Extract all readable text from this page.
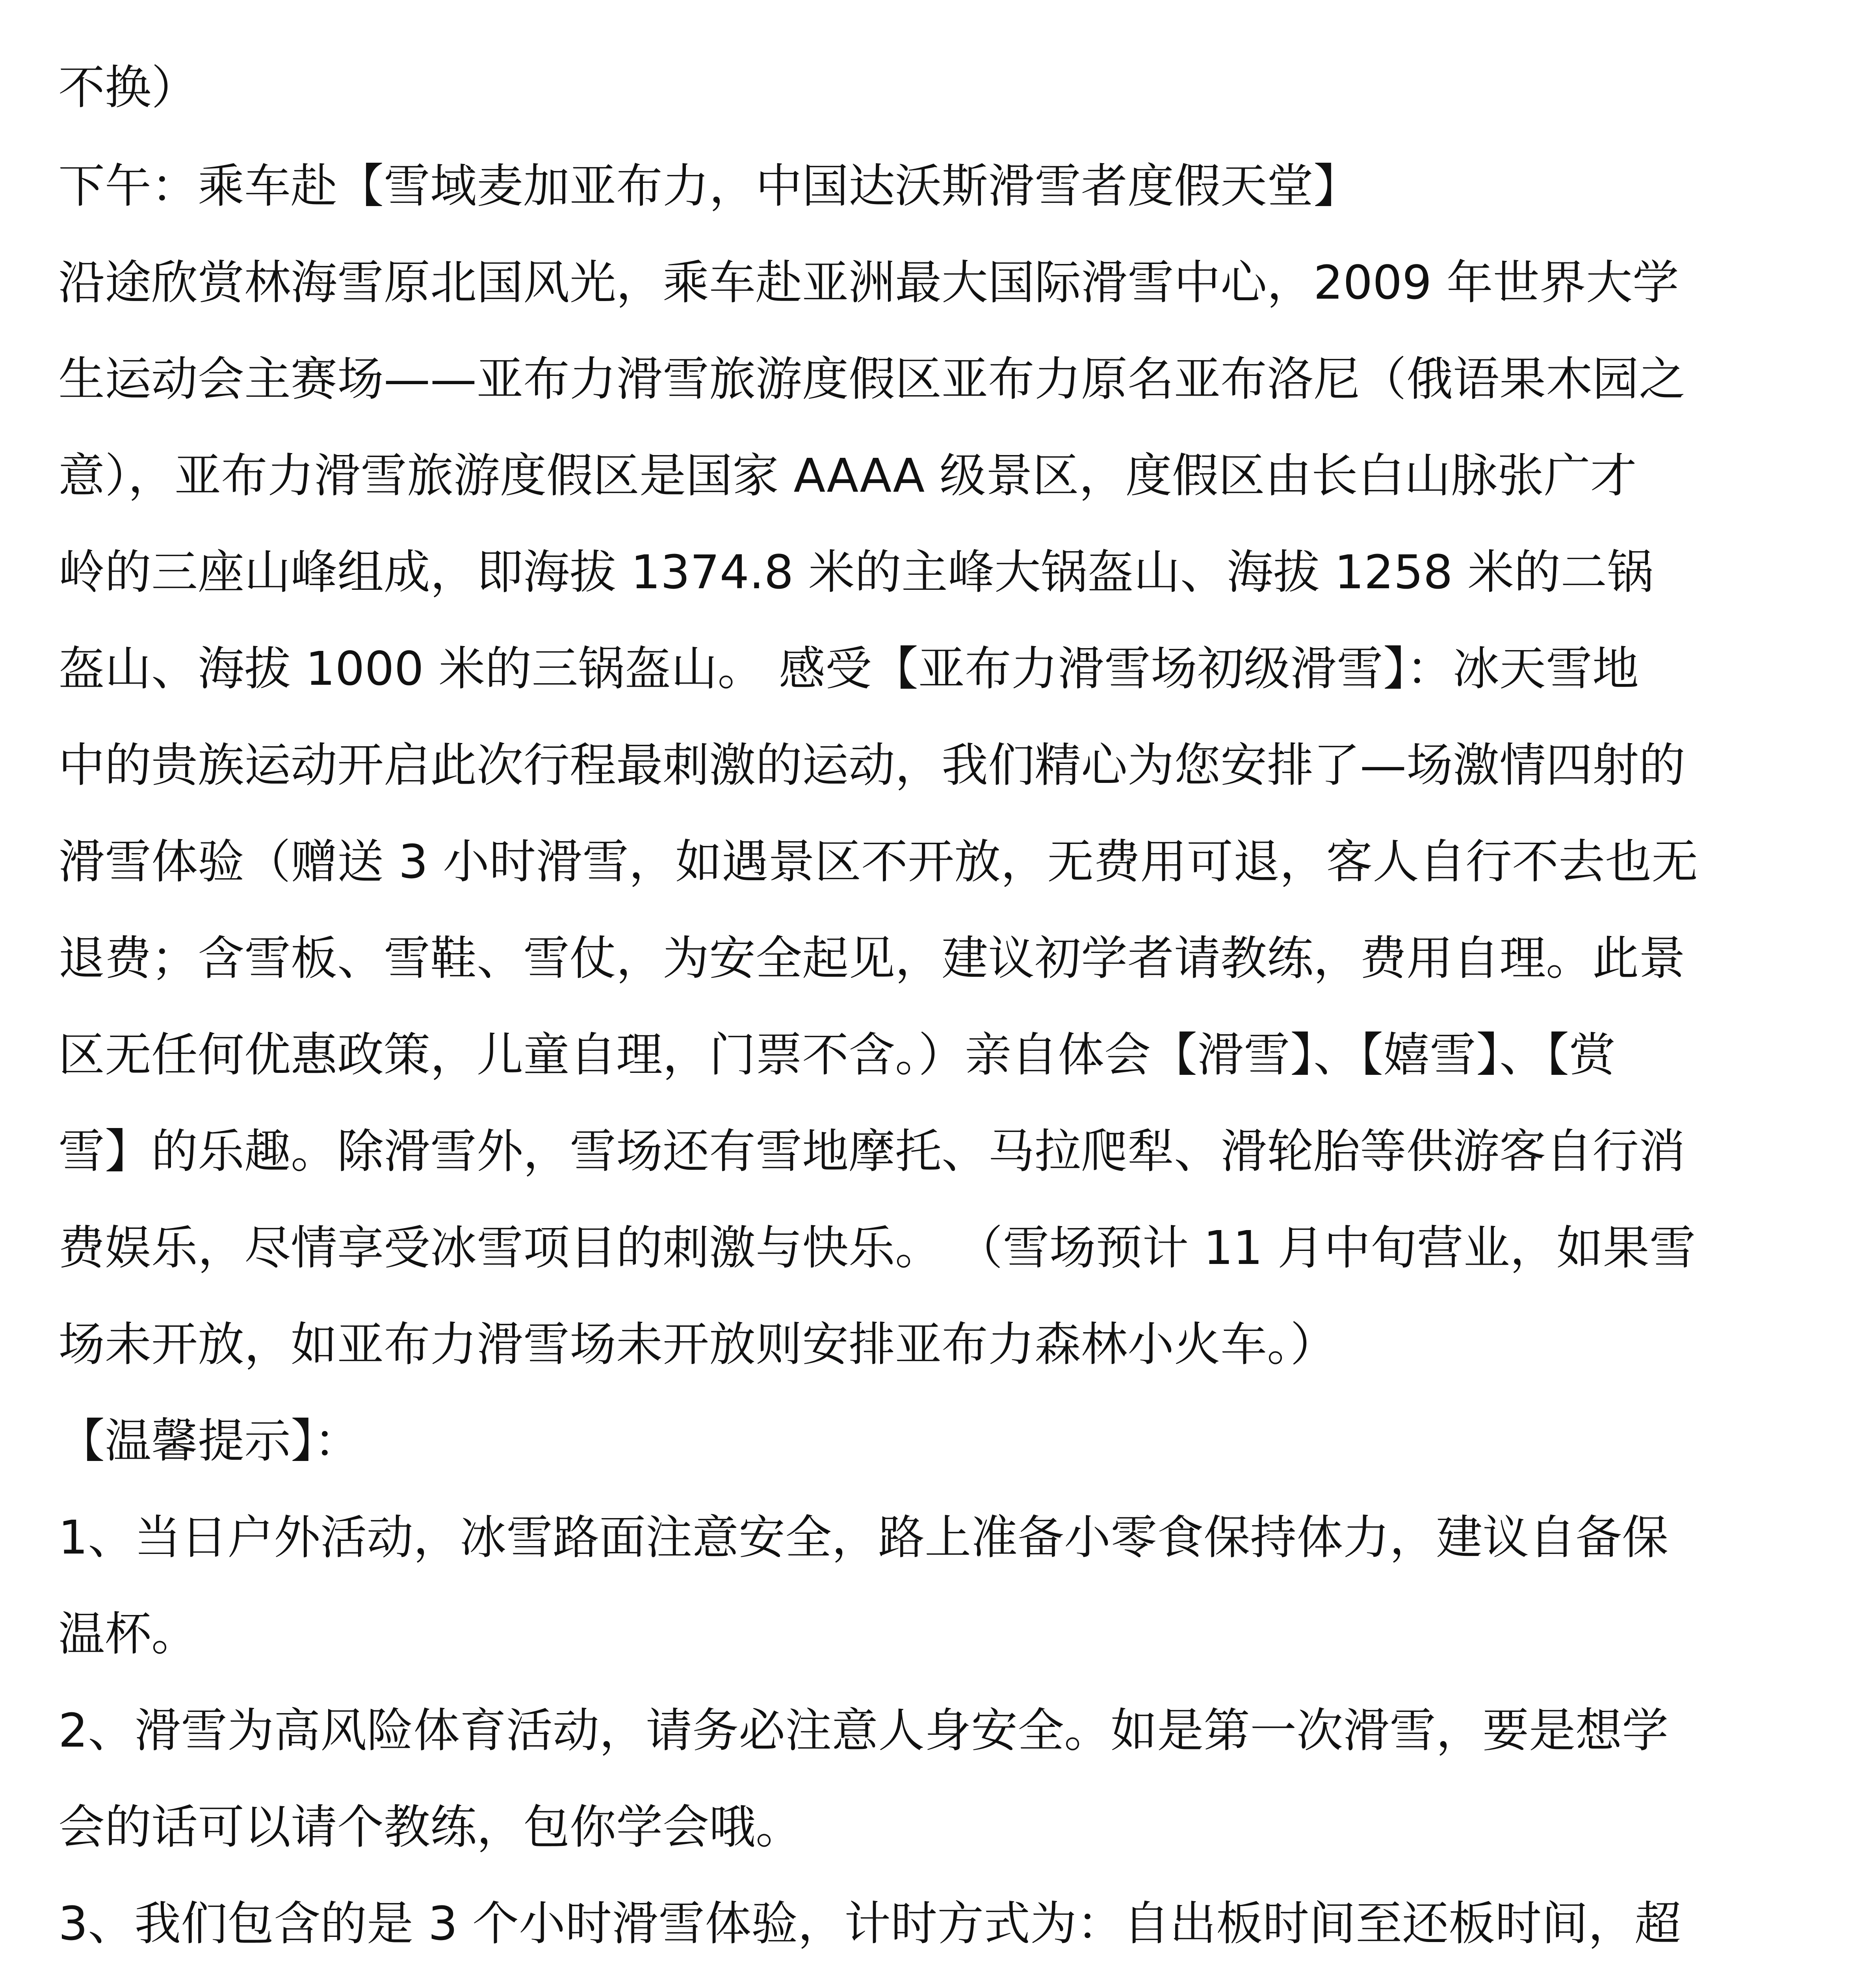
不换）
下午：乘车赴【雪域麦加亚布力，中国达沃斯滑雪者度假天堂】
沿途欣赏林海雪原北国风光，乘车赴亚洲最大国际滑雪中心，2009 年世界大学
生运动会主赛场——亚布力滑雪旅游度假区亚布力原名亚布洛尼（俄语果木园之
意），亚布力滑雪旅游度假区是国家 AAAA 级景区，度假区由长白山脉张广才
岭的三座山峰组成，即海拔 1374.8 米的主峰大锅盔山、海拔 1258 米的二锅
盔山、海拔 1000 米的三锅盔山。 感受【亚布力滑雪场初级滑雪】：冰天雪地
中的贵族运动开启此次行程最刺激的运动，我们精心为您安排了—场激情四射的
滑雪体验（赠送 3 小时滑雪，如遇景区不开放，无费用可退，客人自行不去也无
退费；含雪板、雪鞋、雪仗，为安全起见，建议初学者请教练，费用自理。此景
区无任何优惠政策，儿童自理，门票不含。）亲自体会【滑雪】、【嬉雪】、【赏
雪】的乐趣。除滑雪外，雪场还有雪地摩托、马拉爬犁、滑轮胎等供游客自行消
费娱乐，尽情享受冰雪项目的刺激与快乐。 （雪场预计 11 月中旬营业，如果雪
场未开放，如亚布力滑雪场未开放则安排亚布力森林小火车。）
【温馨提示】：
1、当日户外活动，冰雪路面注意安全，路上准备小零食保持体力，建议自备保
温杯。
2、滑雪为高风险体育活动，请务必注意人身安全。如是第一次滑雪，要是想学
会的话可以请个教练，包你学会哦。
3、我们包含的是 3 个小时滑雪体验，计时方式为：自出板时间至还板时间，超
